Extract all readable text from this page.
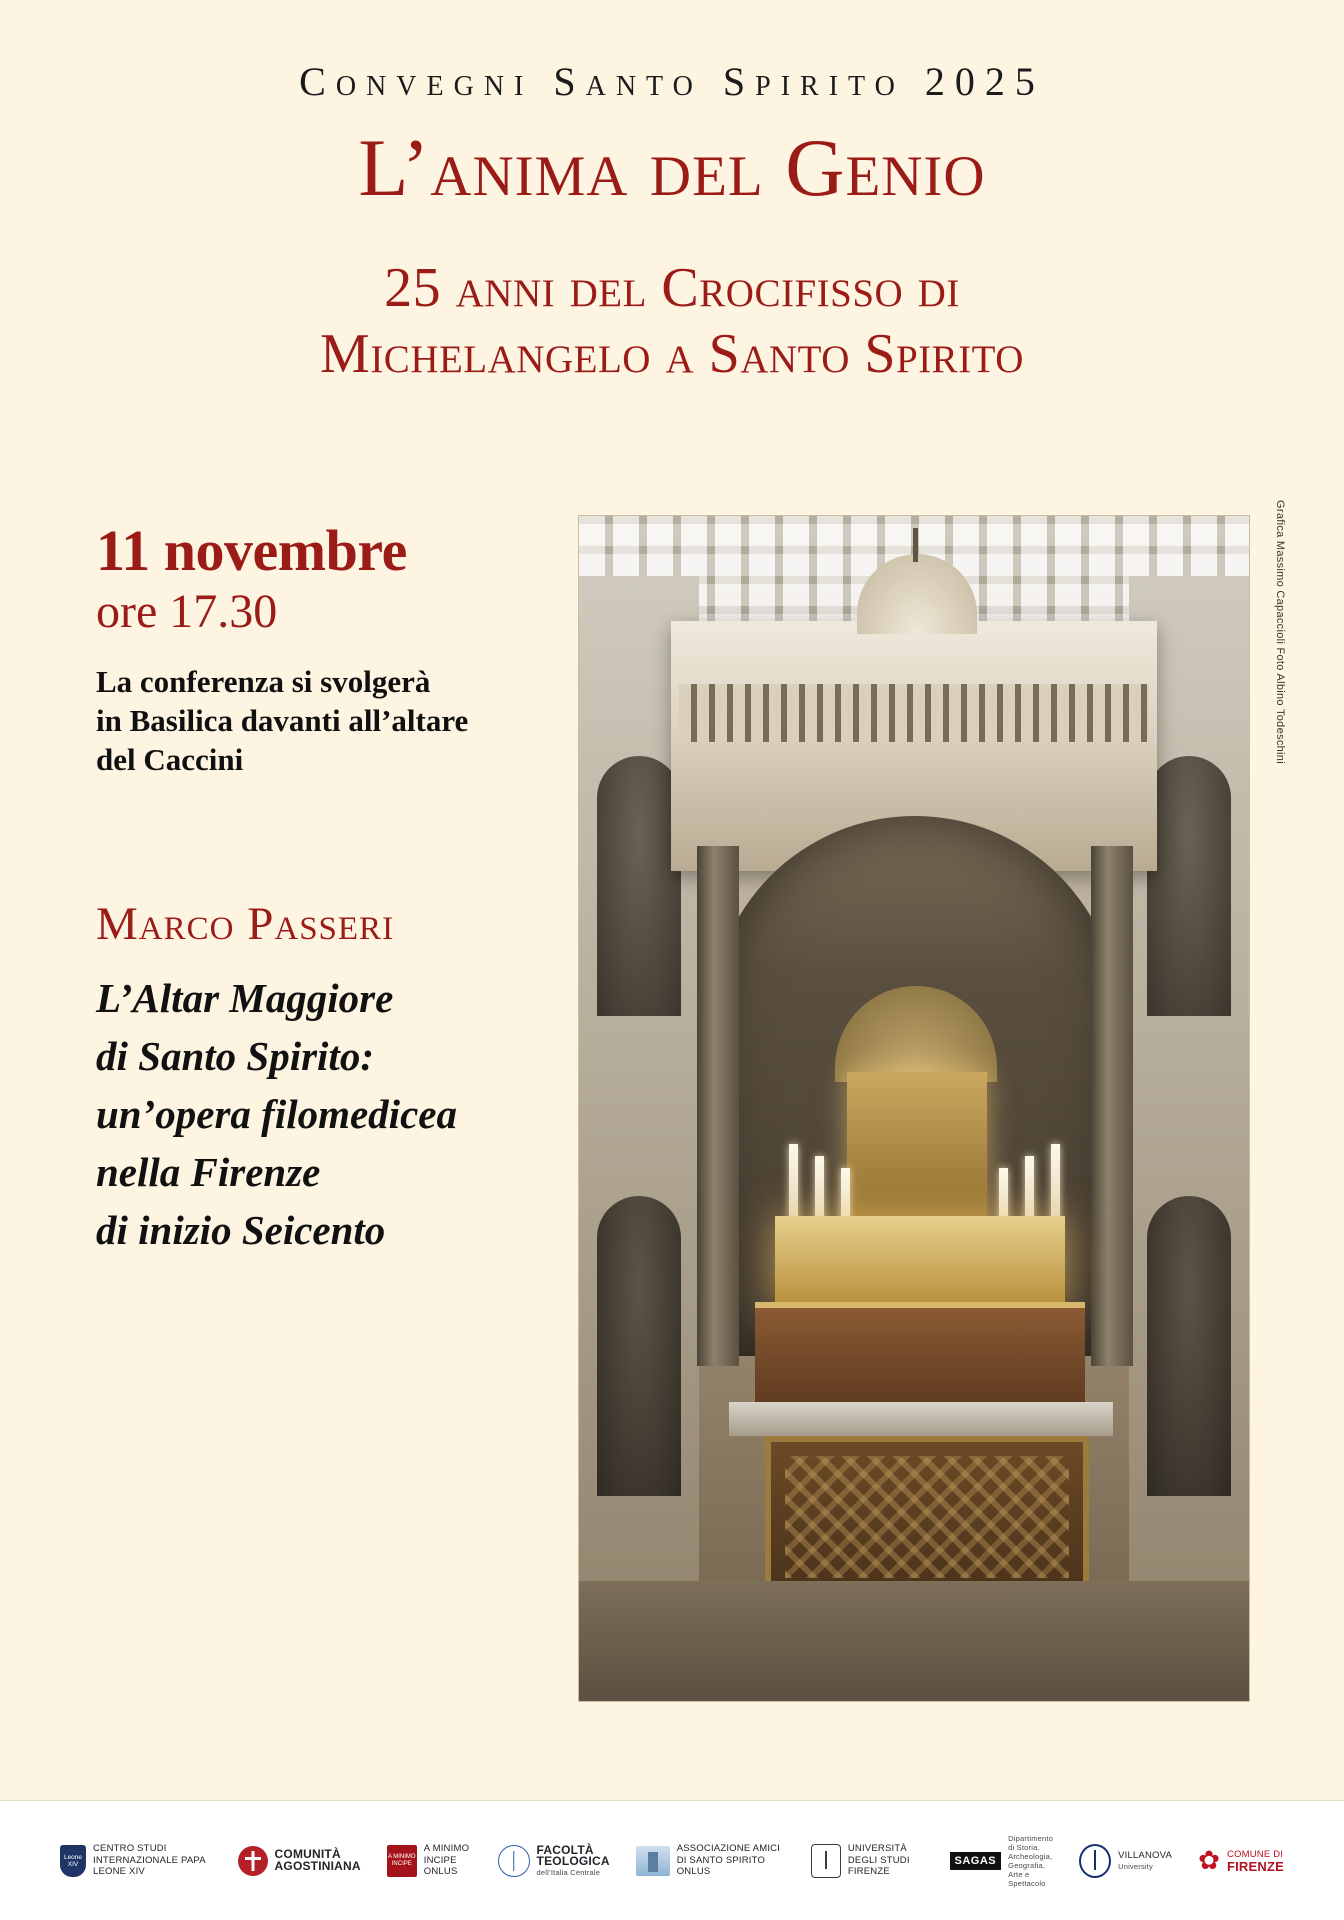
Convegni Santo Spirito 2025
L’anima del Genio
25 anni del Crocifisso di
Michelangelo a Santo Spirito
11 novembre
ore 17.30
La conferenza si svolgerà
in Basilica davanti all’altare
del Caccini
Marco Passeri
L’Altar Maggiore
di Santo Spirito:
un’opera filomedicea
nella Firenze
di inizio Seicento
Grafica Massimo Capaccioli Foto Albino Todeschini
Leone XIV
CENTRO STUDI INTERNAZIONALE PAPA LEONE XIV
COMUNITÀ
AGOSTINIANA
A MINIMO INCIPE
A MINIMO INCIPE ONLUS
FACOLTÀ
TEOLOGICA
dell’Italia Centrale
ASSOCIAZIONE AMICI DI SANTO SPIRITO ONLUS
UNIVERSITÀ DEGLI STUDI FIRENZE
SAGAS
Dipartimento di Storia,
Archeologia, Geografia,
Arte e Spettacolo
VILLANOVA
University	✿ COMUNE DI
FIRENZE
